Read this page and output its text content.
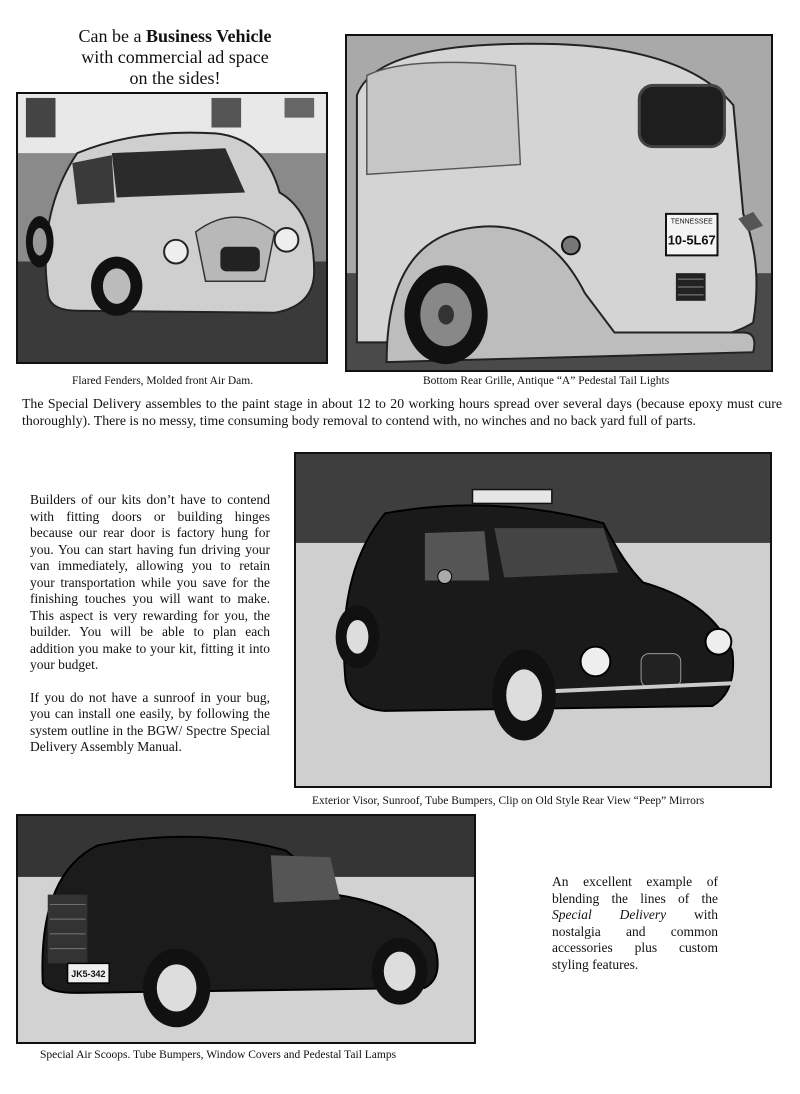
Can be a Business Vehicle
with commercial ad space
on the sides!
TENNESSEE
10-5L67
Flared Fenders, Molded front Air Dam.	Bottom Rear Grille, Antique “A” Pedestal Tail Lights
The Special Delivery assembles to the paint stage in about 12 to 20 working hours spread over several days (because epoxy must cure thoroughly). There is no messy, time consuming body removal to contend with, no winches and no back yard full of parts.

Builders of our kits don’t have to contend with fitting doors or building hinges because our rear door is factory hung for you. You can start having fun driving your van immediately, allowing you to retain your transportation while you save for the finishing touches you will want to make. This aspect is very rewarding for you, the builder. You will be able to plan each addition you make to your kit, fitting it into your budget.

If you do not have a sunroof in your bug, you can install one easily, by following the system outline in the BGW/ Spectre Special Delivery Assembly Manual.

Exterior Visor, Sunroof, Tube Bumpers, Clip on Old Style Rear View “Peep” Mirrors
JK5-342
An excellent example of blending the lines of the Special Delivery with nostalgia and common accessories plus custom styling features.
Special Air Scoops. Tube Bumpers, Window Covers and Pedestal Tail Lamps
